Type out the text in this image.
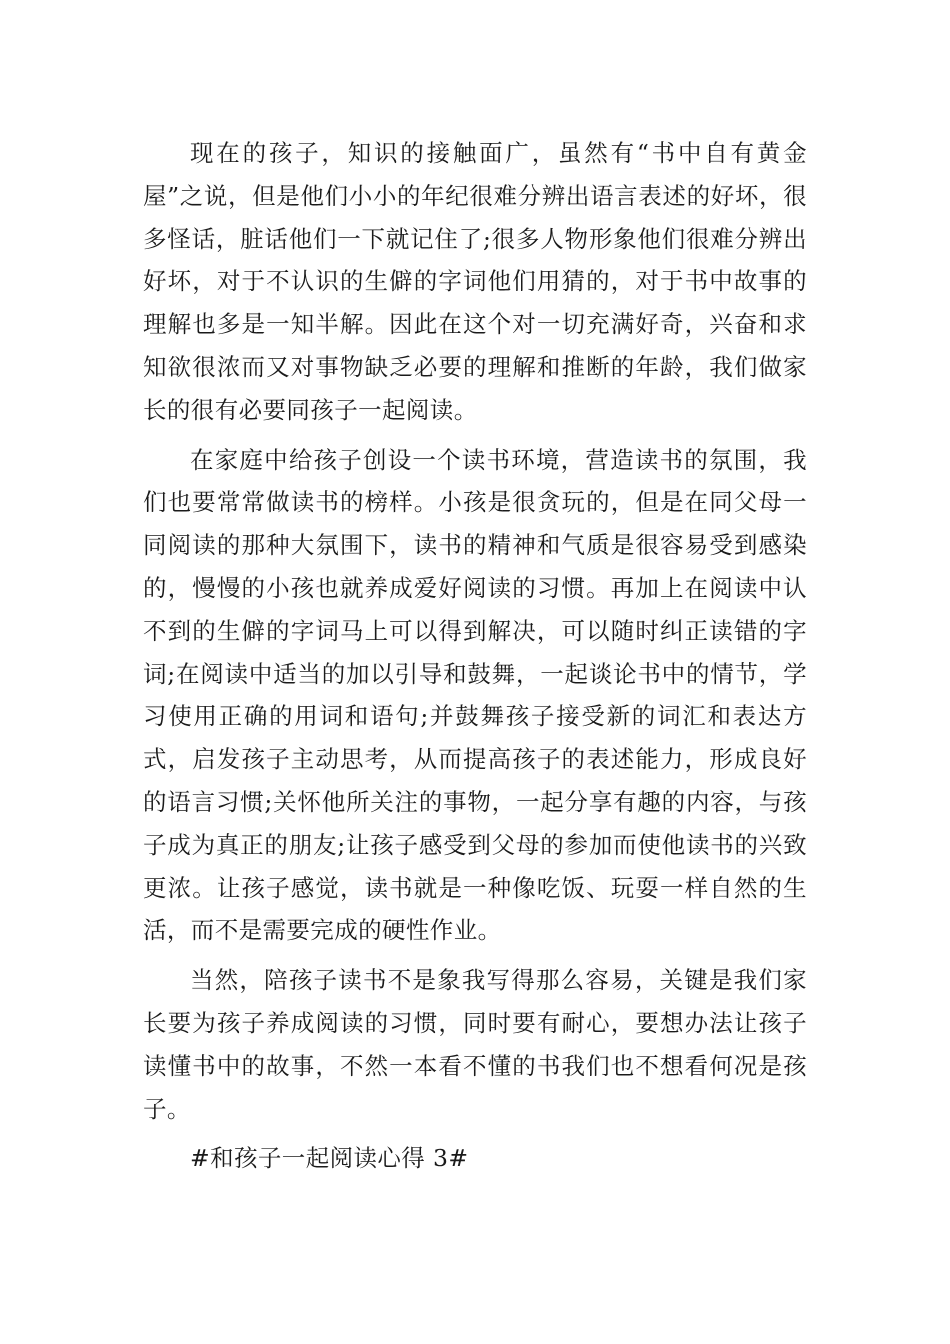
现在的孩子，知识的接触面广，虽然有“书中自有黄金屋”之说，但是他们小小的年纪很难分辨出语言表述的好坏，很多怪话，脏话他们一下就记住了;很多人物形象他们很难分辨出好坏，对于不认识的生僻的字词他们用猜的，对于书中故事的理解也多是一知半解。因此在这个对一切充满好奇，兴奋和求知欲很浓而又对事物缺乏必要的理解和推断的年龄，我们做家长的很有必要同孩子一起阅读。

在家庭中给孩子创设一个读书环境，营造读书的氛围，我们也要常常做读书的榜样。小孩是很贪玩的，但是在同父母一同阅读的那种大氛围下，读书的精神和气质是很容易受到感染的，慢慢的小孩也就养成爱好阅读的习惯。再加上在阅读中认不到的生僻的字词马上可以得到解决，可以随时纠正读错的字词;在阅读中适当的加以引导和鼓舞，一起谈论书中的情节，学习使用正确的用词和语句;并鼓舞孩子接受新的词汇和表达方式，启发孩子主动思考，从而提高孩子的表述能力，形成良好的语言习惯;关怀他所关注的事物，一起分享有趣的内容，与孩子成为真正的朋友;让孩子感受到父母的参加而使他读书的兴致更浓。让孩子感觉，读书就是一种像吃饭、玩耍一样自然的生活，而不是需要完成的硬性作业。

当然，陪孩子读书不是象我写得那么容易，关键是我们家长要为孩子养成阅读的习惯，同时要有耐心，要想办法让孩子读懂书中的故事，不然一本看不懂的书我们也不想看何况是孩子。

#和孩子一起阅读心得 3#
